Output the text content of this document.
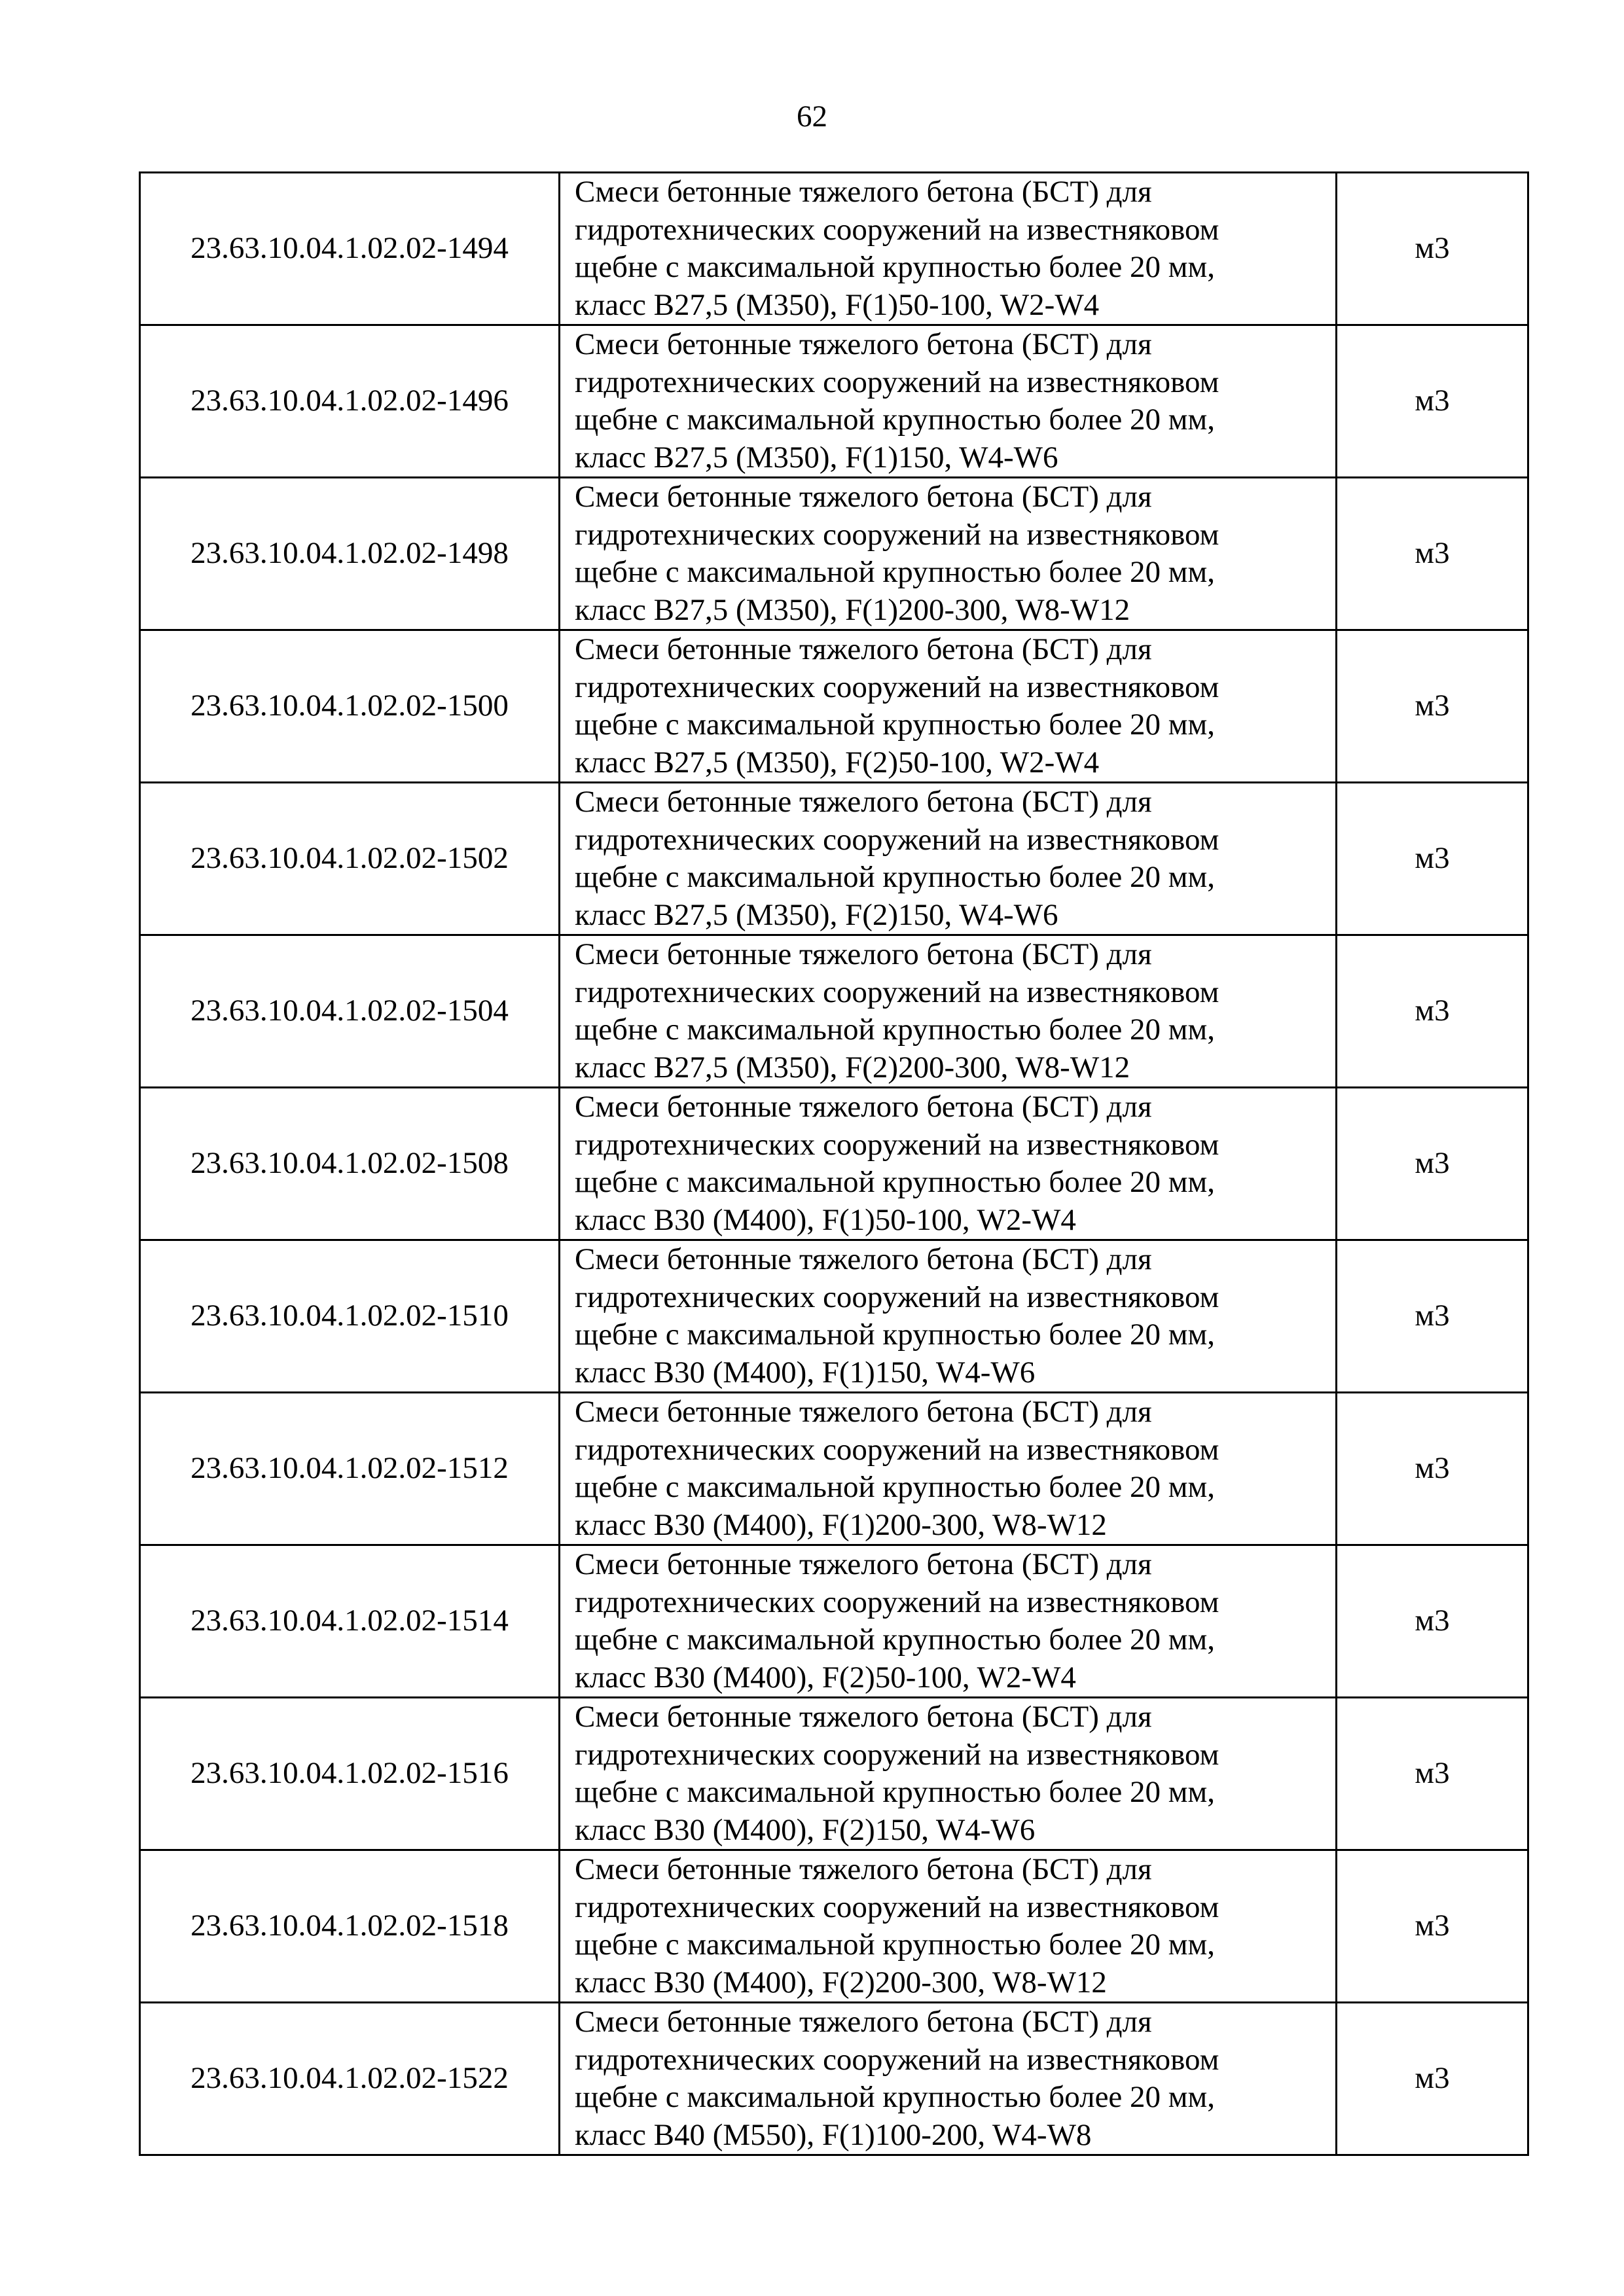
62
23.63.10.04.1.02.02-1494	Смеси бетонные тяжелого бетона (БСТ) для
гидротехнических сооружений на известняковом
щебне с максимальной крупностью более 20 мм,
класс В27,5 (М350), F(1)50-100, W2-W4	м3
23.63.10.04.1.02.02-1496	Смеси бетонные тяжелого бетона (БСТ) для
гидротехнических сооружений на известняковом
щебне с максимальной крупностью более 20 мм,
класс В27,5 (М350), F(1)150, W4-W6	м3
23.63.10.04.1.02.02-1498	Смеси бетонные тяжелого бетона (БСТ) для
гидротехнических сооружений на известняковом
щебне с максимальной крупностью более 20 мм,
класс В27,5 (М350), F(1)200-300, W8-W12	м3
23.63.10.04.1.02.02-1500	Смеси бетонные тяжелого бетона (БСТ) для
гидротехнических сооружений на известняковом
щебне с максимальной крупностью более 20 мм,
класс В27,5 (М350), F(2)50-100, W2-W4	м3
23.63.10.04.1.02.02-1502	Смеси бетонные тяжелого бетона (БСТ) для
гидротехнических сооружений на известняковом
щебне с максимальной крупностью более 20 мм,
класс В27,5 (М350), F(2)150, W4-W6	м3
23.63.10.04.1.02.02-1504	Смеси бетонные тяжелого бетона (БСТ) для
гидротехнических сооружений на известняковом
щебне с максимальной крупностью более 20 мм,
класс В27,5 (М350), F(2)200-300, W8-W12	м3
23.63.10.04.1.02.02-1508	Смеси бетонные тяжелого бетона (БСТ) для
гидротехнических сооружений на известняковом
щебне с максимальной крупностью более 20 мм,
класс В30 (М400), F(1)50-100, W2-W4	м3
23.63.10.04.1.02.02-1510	Смеси бетонные тяжелого бетона (БСТ) для
гидротехнических сооружений на известняковом
щебне с максимальной крупностью более 20 мм,
класс В30 (М400), F(1)150, W4-W6	м3
23.63.10.04.1.02.02-1512	Смеси бетонные тяжелого бетона (БСТ) для
гидротехнических сооружений на известняковом
щебне с максимальной крупностью более 20 мм,
класс В30 (М400), F(1)200-300, W8-W12	м3
23.63.10.04.1.02.02-1514	Смеси бетонные тяжелого бетона (БСТ) для
гидротехнических сооружений на известняковом
щебне с максимальной крупностью более 20 мм,
класс В30 (М400), F(2)50-100, W2-W4	м3
23.63.10.04.1.02.02-1516	Смеси бетонные тяжелого бетона (БСТ) для
гидротехнических сооружений на известняковом
щебне с максимальной крупностью более 20 мм,
класс В30 (М400), F(2)150, W4-W6	м3
23.63.10.04.1.02.02-1518	Смеси бетонные тяжелого бетона (БСТ) для
гидротехнических сооружений на известняковом
щебне с максимальной крупностью более 20 мм,
класс В30 (М400), F(2)200-300, W8-W12	м3
23.63.10.04.1.02.02-1522	Смеси бетонные тяжелого бетона (БСТ) для
гидротехнических сооружений на известняковом
щебне с максимальной крупностью более 20 мм,
класс В40 (М550), F(1)100-200, W4-W8	м3
